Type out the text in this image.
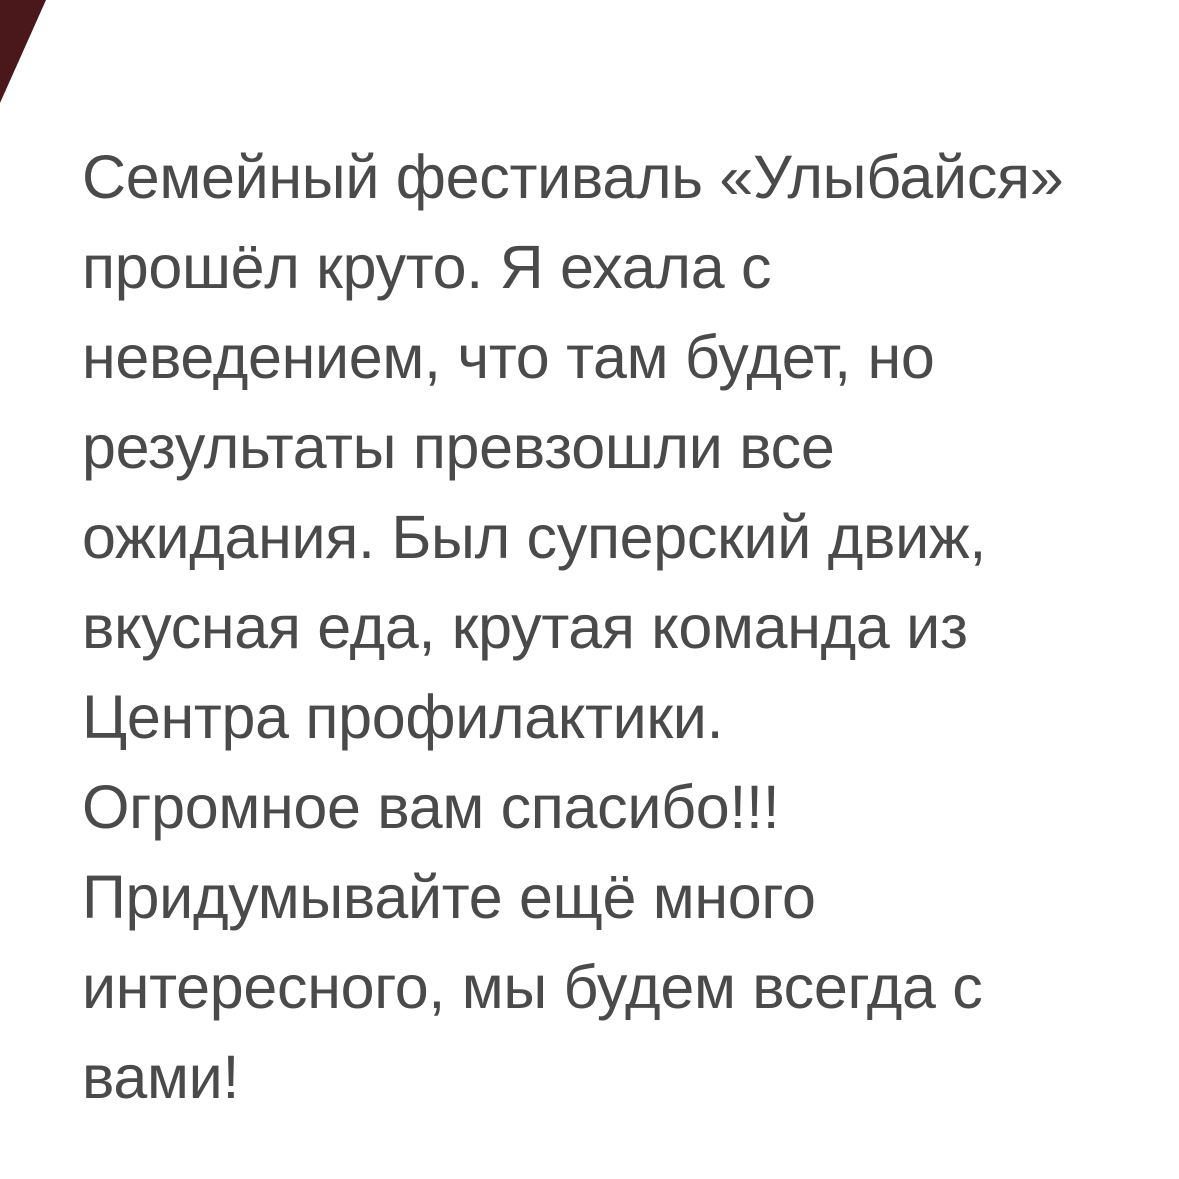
Семейный фестиваль «Улыбайся»
прошёл круто. Я ехала с
неведением, что там будет, но
результаты превзошли все
ожидания. Был суперский движ,
вкусная еда, крутая команда из
Центра профилактики.
Огромное вам спасибо!!!
Придумывайте ещё много
интересного, мы будем всегда с
вами!
